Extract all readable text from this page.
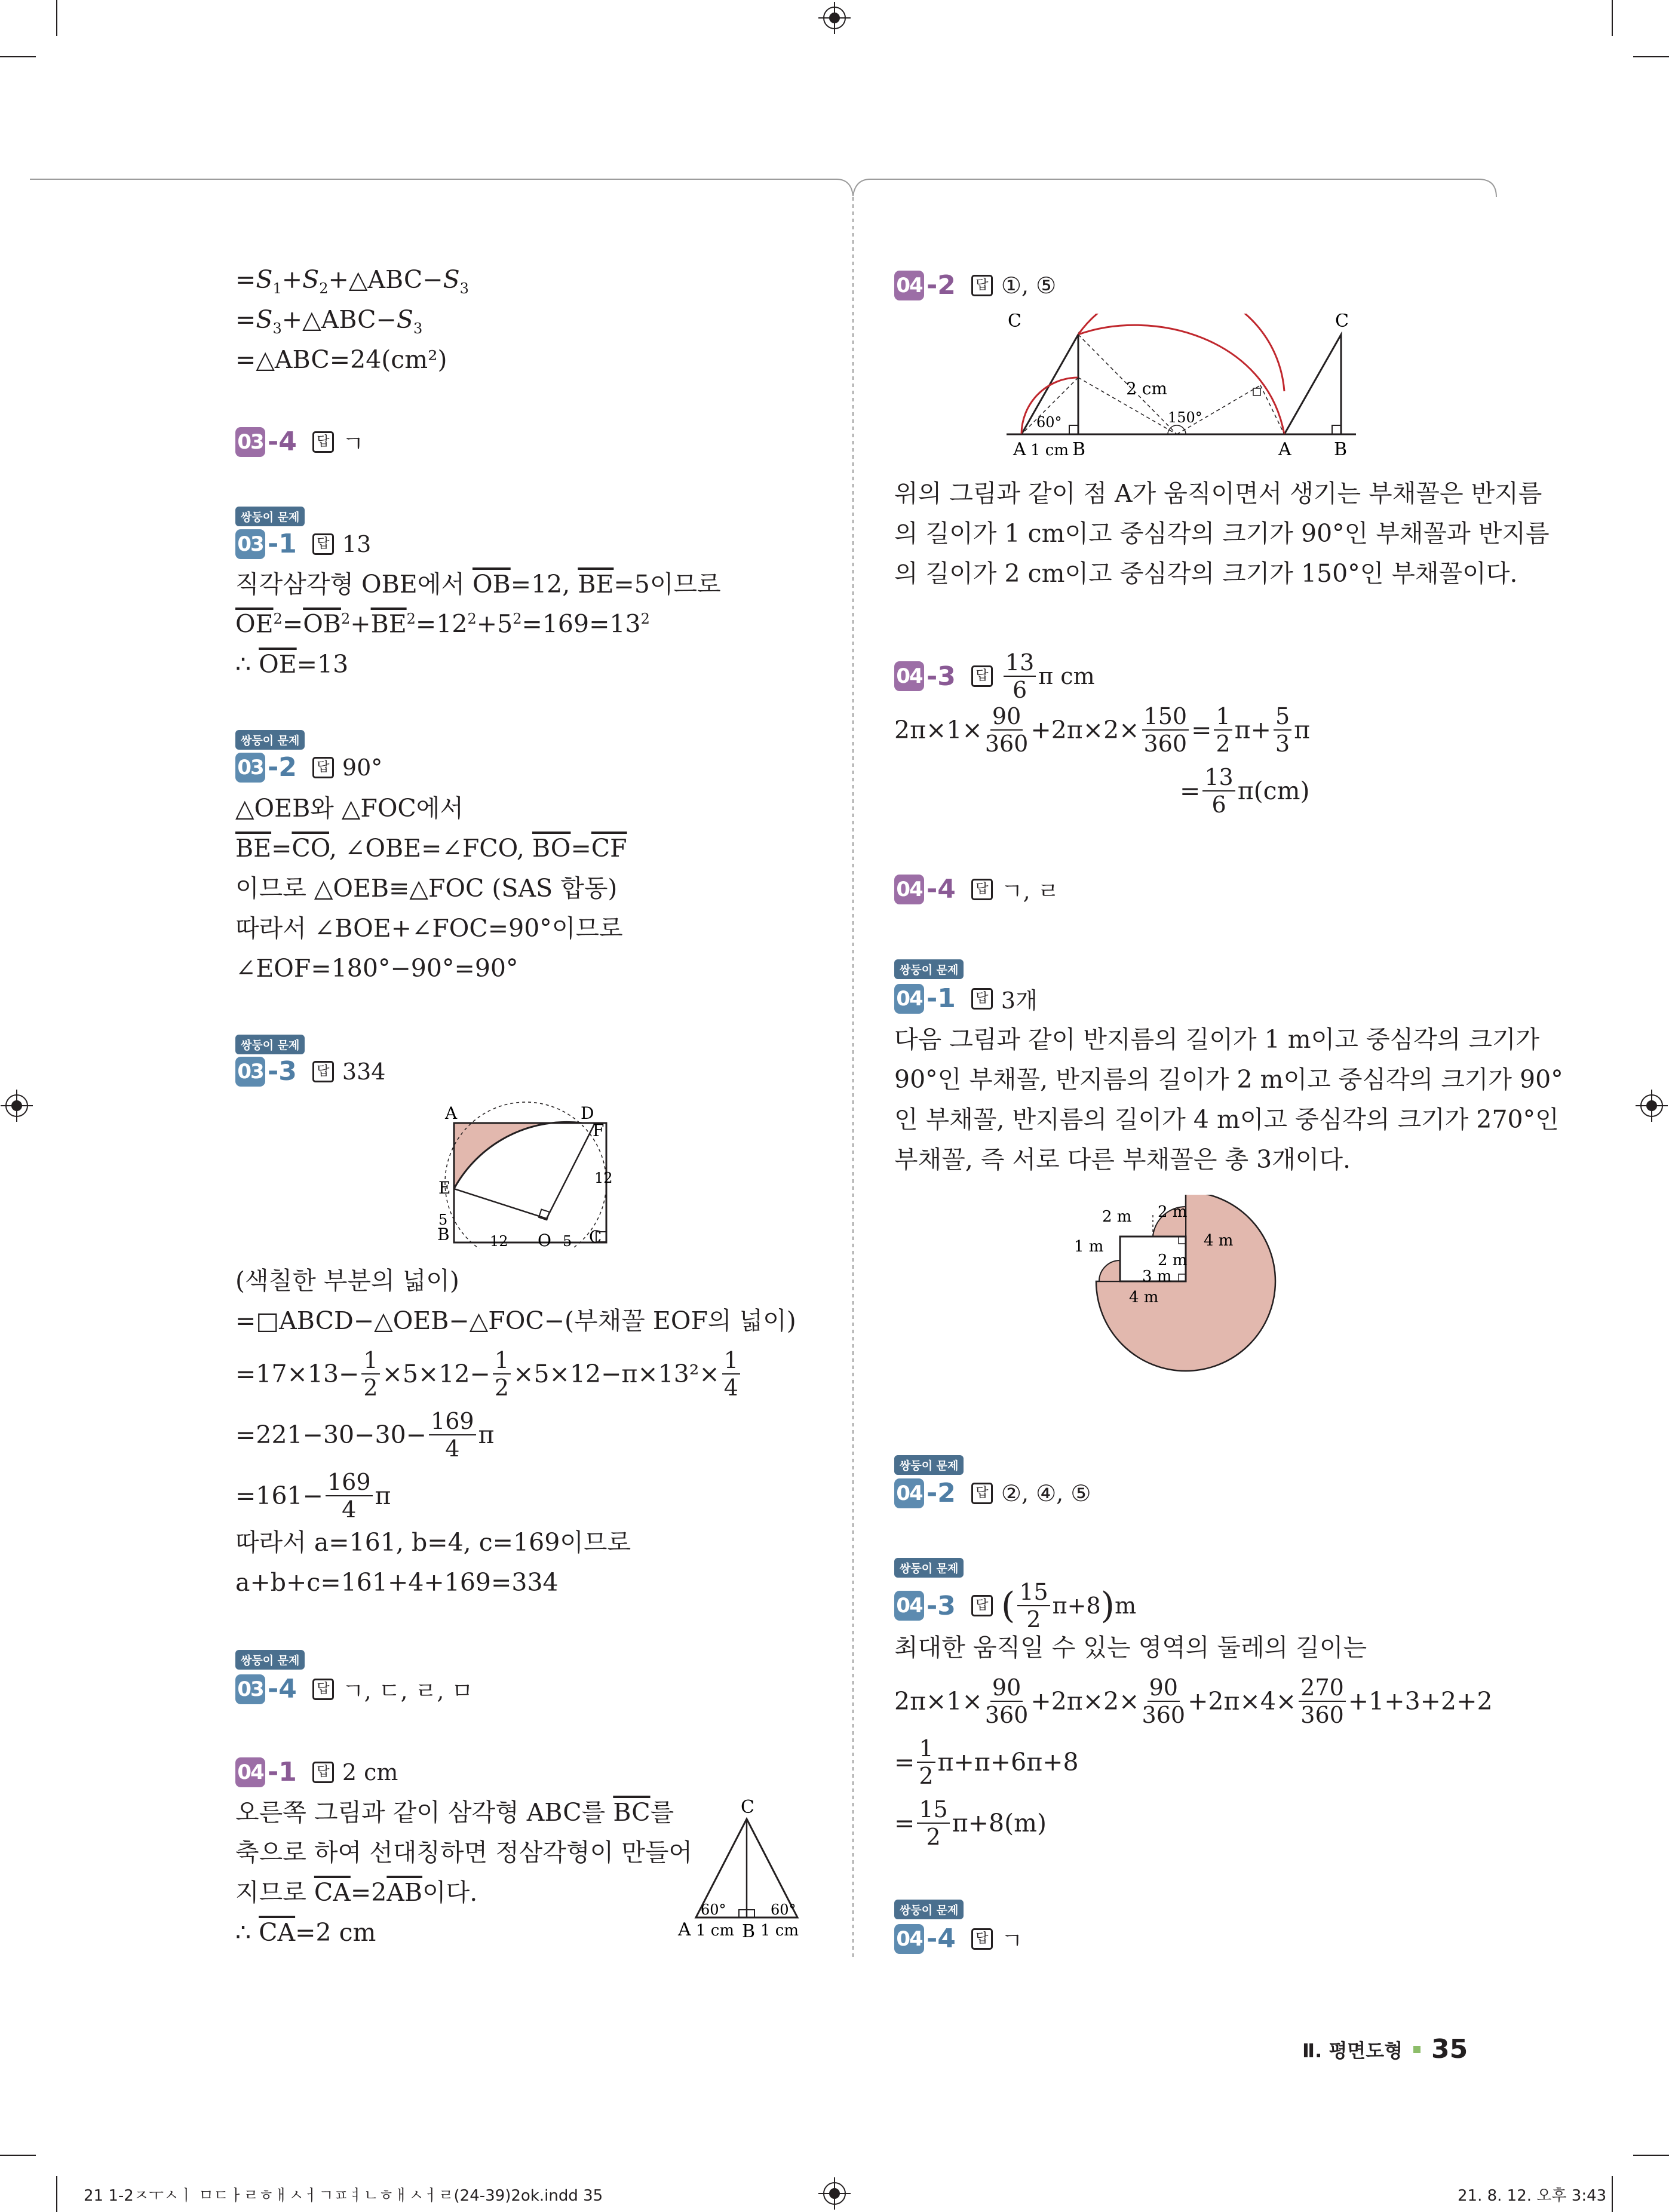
$=S_1+S_2+\triangle ABC-S_3$
$=S_3+\triangle ABC-S_3$
=△ABC=24(cm²)
03 -4	답 ㄱ
쌍둥이 문제
03 -1	답 13
직각삼각형 OBE에서 $\overline{OB}=12$, $\overline{BE}=5$이므로
$\overline{OE}^2=\overline{OB}^2+\overline{BE}^2=12^2+5^2=169=13^2$
∴ $\overline{OE}=13$
쌍둥이 문제
03 -2	답 90°
△OEB와 △FOC에서
$\overline{BE}=\overline{CO}$, ∠OBE=∠FCO, $\overline{BO}=\overline{CF}$
이므로 △OEB≡△FOC (SAS 합동)
따라서 ∠BOE+∠FOC=90°이므로
∠EOF=180°−90°=90°
쌍둥이 문제
03 -3	답 334
A	D
F
E
5
12
B	12 O 5 C
(색칠한 부분의 넓이)
=□ABCD−△OEB−△FOC−(부채꼴 EOF의 넓이)
$=17\times 13- \frac{1}{2} \times 5\times 12- \frac{1}{2} \times 5\times 12-\pi\times 13^2\times \frac{1}{4}$
$=221-30-30- \frac{169}{4}$ π
$=161- \frac{169}{4}$ π
따라서 a=161, b=4, c=169이므로
a+b+c=161+4+169=334
쌍둥이 문제
03 -4	답 ㄱ, ㄷ, ㄹ, ㅁ
04 -1	답 2 cm
오른쪽 그림과 같이 삼각형 ABC를 $\overline{BC}$를
축으로 하여 선대칭하면 정삼각형이 만들어
지므로 $\overline{CA}=2\overline{AB}$이다.
∴ $\overline{CA}=2$ cm
C
60°	60°
A 1 cm B 1 cm
04 -2	답 ①, ⑤
C	C
2 cm
60°	150°
A 1 cm B	A B
위의 그림과 같이 점 A가 움직이면서 생기는 부채꼴은 반지름
의 길이가 1 cm이고 중심각의 크기가 90°인 부채꼴과 반지름
의 길이가 2 cm이고 중심각의 크기가 150°인 부채꼴이다.
04 -3	답 $\frac{13}{6}$ π cm
$2\pi\times 1\times \frac{90}{360} +2\pi\times 2\times \frac{150}{360} = \frac{1}{2} \pi+ \frac{5}{3}$ π
= $\frac{13}{6} \pi(cm)$
04 -4	답 ㄱ, ㄹ
쌍둥이 문제
04 -1	답 3개
다음 그림과 같이 반지름의 길이가 1 m이고 중심각의 크기가
90°인 부채꼴, 반지름의 길이가 2 m이고 중심각의 크기가 90°
인 부채꼴, 반지름의 길이가 4 m이고 중심각의 크기가 270°인
부채꼴, 즉 서로 다른 부채꼴은 총 3개이다.
2 m 2 m
1 m	4 m
2 m
3 m
4 m
쌍둥이 문제
04 -2	답 ②, ④, ⑤
쌍둥이 문제
04 -3	답 ( $\frac{15}{2} \pi+8$ ) m
최대한 움직일 수 있는 영역의 둘레의 길이는
$2\pi\times 1\times \frac{90}{360} +2\pi\times 2\times \frac{90}{360} +2\pi\times 4\times \frac{270}{360} +1+3+2+2$
= $\frac{1}{2} \pi+\pi+6\pi+8$
= $\frac{15}{2} \pi+8(m)$
쌍둥이 문제
04 -4	답 ㄱ
Ⅱ. 평면도형 35
21 1-2ㅈㅜㅅㅣ ㅁㄷㅏㄹㅎㅐㅅㅓㄱㅍㅕㄴㅎㅐㅅㅓㄹ(24-39)2ok.indd 35	21. 8. 12. 오후 3:43
